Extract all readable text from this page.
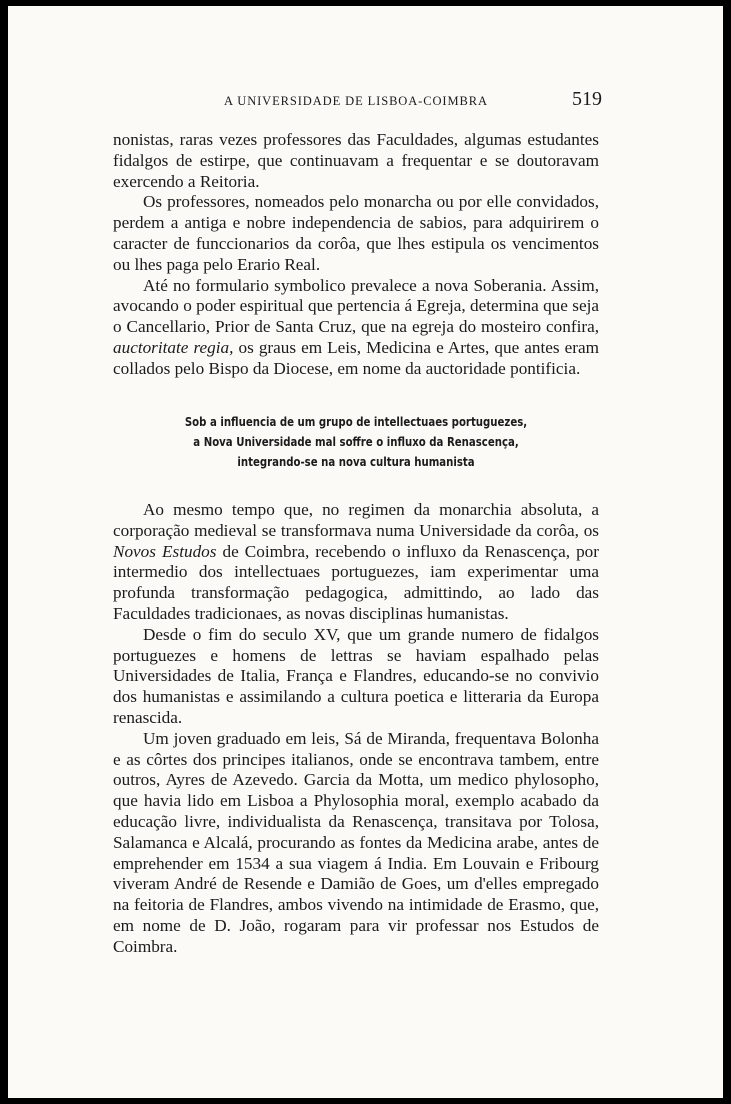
A UNIVERSIDADE DE LISBOA-COIMBRA	519

nonistas, raras vezes professores das Faculdades, algumas estudantes fidalgos de estirpe, que continuavam a frequentar e se doutoravam exercendo a Reitoria.

Os professores, nomeados pelo monarcha ou por elle convidados, perdem a antiga e nobre independencia de sabios, para adquirirem o caracter de funccionarios da corôa, que lhes estipula os vencimentos ou lhes paga pelo Erario Real.

Até no formulario symbolico prevalece a nova Soberania. Assim, avocando o poder espiritual que pertencia á Egreja, determina que seja o Cancellario, Prior de Santa Cruz, que na egreja do mosteiro confira, auctoritate regia, os graus em Leis, Medicina e Artes, que antes eram collados pelo Bispo da Diocese, em nome da auctoridade pontificia.

Sob a influencia de um grupo de intellectuaes portuguezes,
a Nova Universidade mal soffre o influxo da Renascença,
integrando-se na nova cultura humanista

Ao mesmo tempo que, no regimen da monarchia absoluta, a corporação medieval se transformava numa Universidade da corôa, os Novos Estudos de Coimbra, recebendo o influxo da Renascença, por intermedio dos intellectuaes portuguezes, iam experimentar uma profunda transformação pedagogica, admittindo, ao lado das Faculdades tradicionaes, as novas disciplinas humanistas.

Desde o fim do seculo XV, que um grande numero de fidalgos portuguezes e homens de lettras se haviam espalhado pelas Universidades de Italia, França e Flandres, educando-se no convivio dos humanistas e assimilando a cultura poetica e litteraria da Europa renascida.

Um joven graduado em leis, Sá de Miranda, frequentava Bolonha e as côrtes dos principes italianos, onde se encontrava tambem, entre outros, Ayres de Azevedo. Garcia da Motta, um medico phylosopho, que havia lido em Lisboa a Phylosophia moral, exemplo acabado da educação livre, individualista da Renascença, transitava por Tolosa, Salamanca e Alcalá, procurando as fontes da Medicina arabe, antes de emprehender em 1534 a sua viagem á India. Em Louvain e Fribourg viveram André de Resende e Damião de Goes, um d'elles empregado na feitoria de Flandres, ambos vivendo na intimidade de Erasmo, que, em nome de D. João, rogaram para vir professar nos Estudos de Coimbra.
